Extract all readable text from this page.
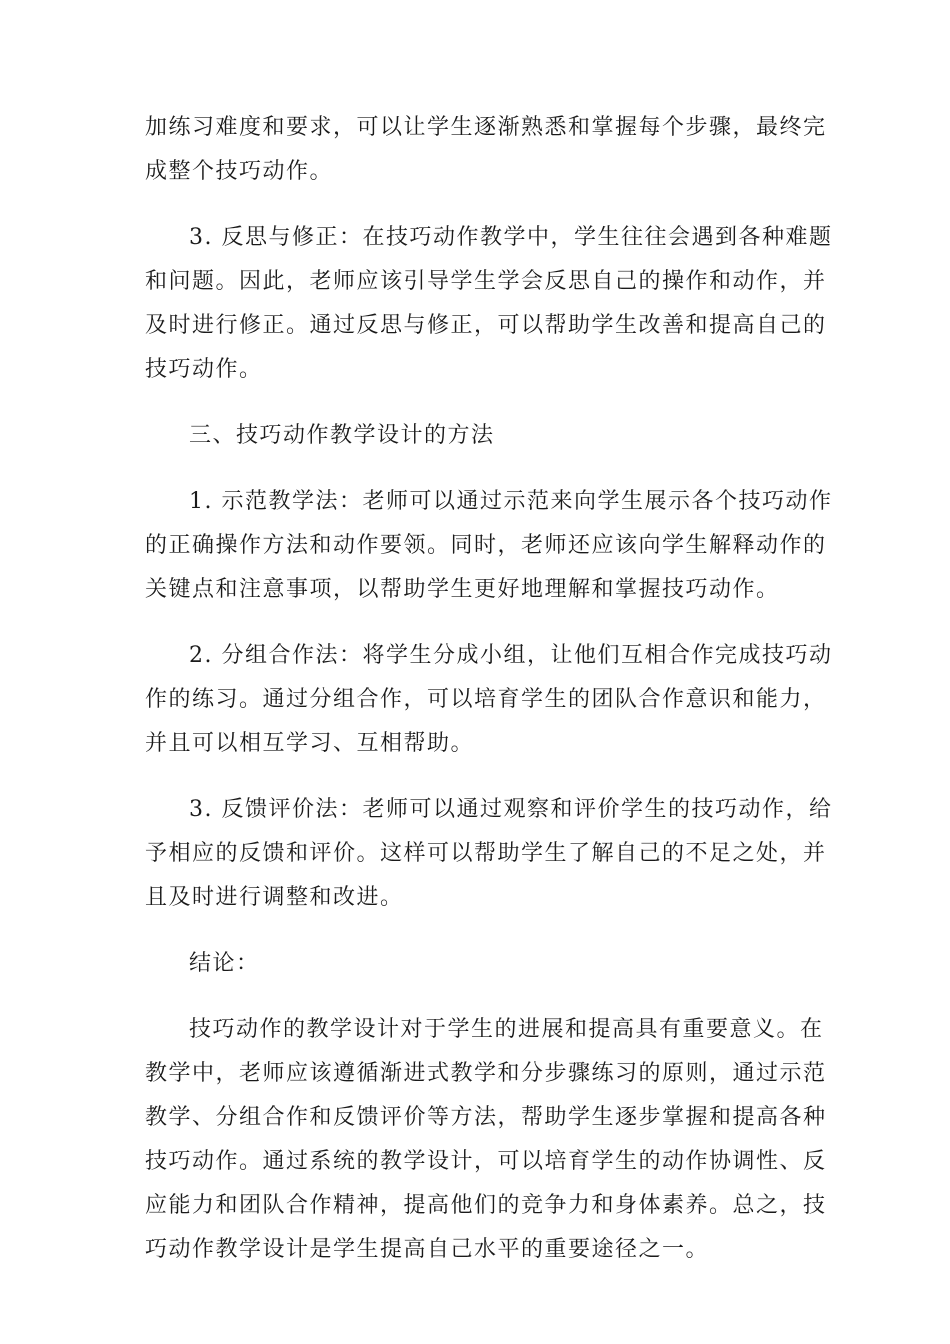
加练习难度和要求，可以让学生逐渐熟悉和掌握每个步骤，最终完
成整个技巧动作。
3. 反思与修正：在技巧动作教学中，学生往往会遇到各种难题
和问题。因此，老师应该引导学生学会反思自己的操作和动作，并
及时进行修正。通过反思与修正，可以帮助学生改善和提高自己的
技巧动作。
三、技巧动作教学设计的方法
1. 示范教学法：老师可以通过示范来向学生展示各个技巧动作
的正确操作方法和动作要领。同时，老师还应该向学生解释动作的
关键点和注意事项，以帮助学生更好地理解和掌握技巧动作。
2. 分组合作法：将学生分成小组，让他们互相合作完成技巧动
作的练习。通过分组合作，可以培育学生的团队合作意识和能力，
并且可以相互学习、互相帮助。
3. 反馈评价法：老师可以通过观察和评价学生的技巧动作，给
予相应的反馈和评价。这样可以帮助学生了解自己的不足之处，并
且及时进行调整和改进。
结论：
技巧动作的教学设计对于学生的进展和提高具有重要意义。在
教学中，老师应该遵循渐进式教学和分步骤练习的原则，通过示范
教学、分组合作和反馈评价等方法，帮助学生逐步掌握和提高各种
技巧动作。通过系统的教学设计，可以培育学生的动作协调性、反
应能力和团队合作精神，提高他们的竞争力和身体素养。总之，技
巧动作教学设计是学生提高自己水平的重要途径之一。
